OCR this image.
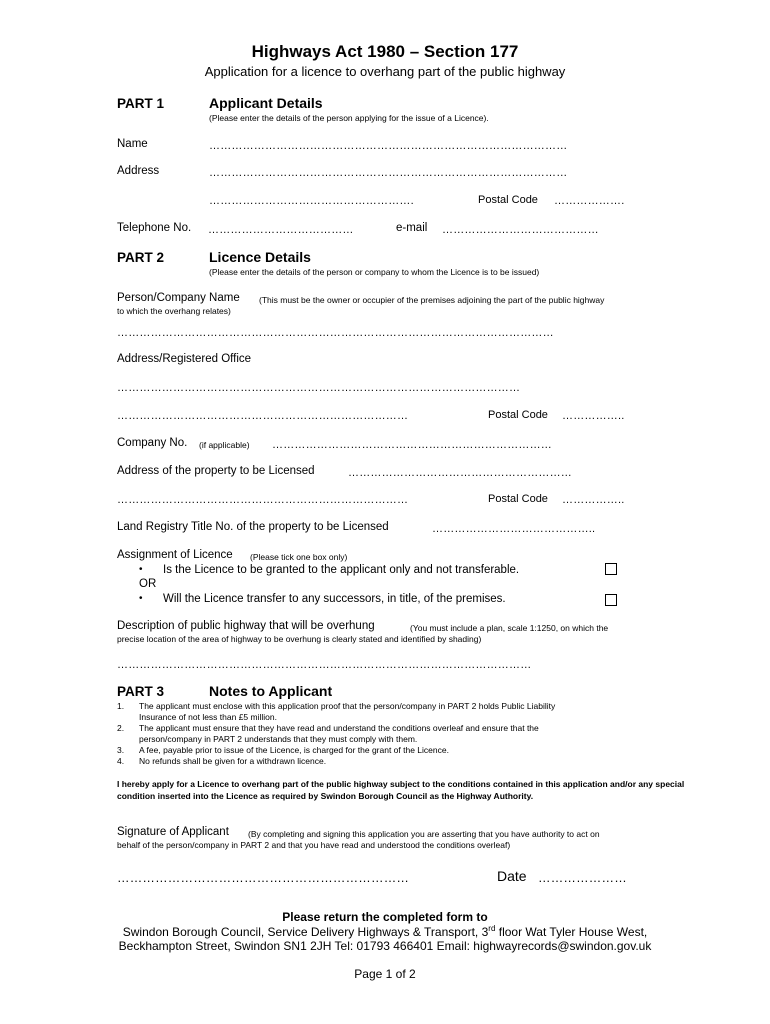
Highways Act 1980 – Section 177
Application for a licence to overhang part of the public highway
PART 1	Applicant Details
(Please enter the details of the person applying for the issue of a Licence).
Name	……………………………………………………………………………………
Address	……………………………………………………………………………………
……………………………………………….	Postal Code ……………….
Telephone No. …………………………………	e-mail ……………………………………
PART 2	Licence Details
(Please enter the details of the person or company to whom the Licence is to be issued)
Person/Company Name (This must be the owner or occupier of the premises adjoining the part of the public highway
to which the overhang relates)
………………………………………………………………………………………………………
Address/Registered Office
………………………………………………………………………………………………
……………………………………………………………………	Postal Code ……………..
Company No. (if applicable) …………………………………………………………………
Address of the property to be Licensed	……………………………………………………
……………………………………………………………………	Postal Code ……………..
Land Registry Title No. of the property to be Licensed	……………………………………..
Assignment of Licence (Please tick one box only)
• Is the Licence to be granted to the applicant only and not transferable.
OR
• Will the Licence transfer to any successors, in title, of the premises.
Description of public highway that will be overhung	(You must include a plan, scale 1:1250, on which the
precise location of the area of highway to be overhung is clearly stated and identified by shading)
…………………………………………………………………………………………………
PART 3	Notes to Applicant
1. The applicant must enclose with this application proof that the person/company in PART 2 holds Public Liability
Insurance of not less than £5 million.
2. The applicant must ensure that they have read and understand the conditions overleaf and ensure that the
person/company in PART 2 understands that they must comply with them.
3. A fee, payable prior to issue of the Licence, is charged for the grant of the Licence.
4. No refunds shall be given for a withdrawn licence.
I hereby apply for a Licence to overhang part of the public highway subject to the conditions contained in this application and/or any special condition inserted into the Licence as required by Swindon Borough Council as the Highway Authority.
Signature of Applicant (By completing and signing this application you are asserting that you have authority to act on
behalf of the person/company in PART 2 and that you have read and understood the conditions overleaf)
……………………………………………………………	Date …………………
Please return the completed form to
Swindon Borough Council, Service Delivery Highways & Transport, 3rd floor Wat Tyler House West,
Beckhampton Street, Swindon SN1 2JH Tel: 01793 466401 Email: highwayrecords@swindon.gov.uk
Page 1 of 2
